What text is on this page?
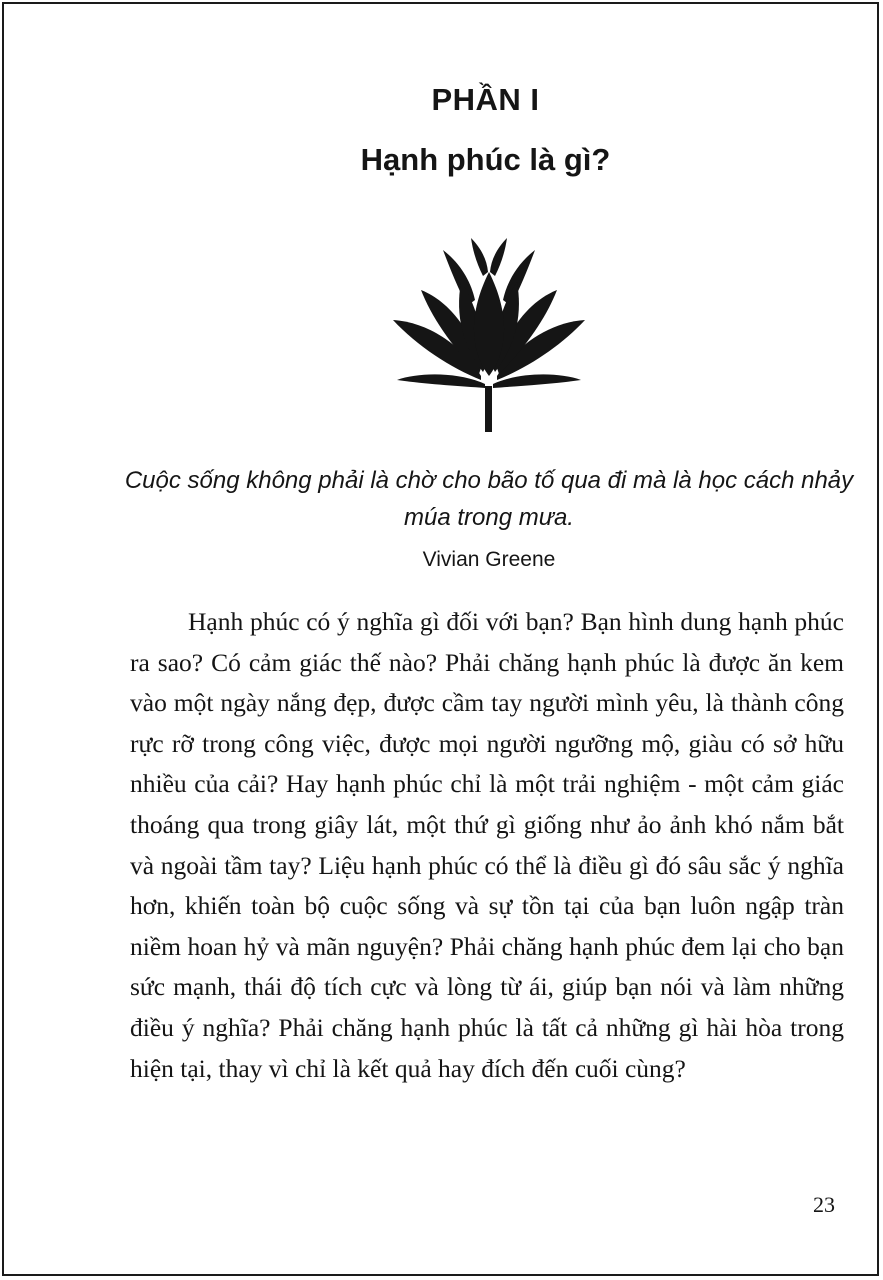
PHẦN I
Hạnh phúc là gì?
Cuộc sống không phải là chờ cho bão tố qua đi mà là học cách nhảy múa trong mưa.
Vivian Greene

Hạnh phúc có ý nghĩa gì đối với bạn? Bạn hình dung hạnh phúc ra sao? Có cảm giác thế nào? Phải chăng hạnh phúc là được ăn kem vào một ngày nắng đẹp, được cầm tay người mình yêu, là thành công rực rỡ trong công việc, được mọi người ngưỡng mộ, giàu có sở hữu nhiều của cải? Hay hạnh phúc chỉ là một trải nghiệm - một cảm giác thoáng qua trong giây lát, một thứ gì giống như ảo ảnh khó nắm bắt và ngoài tầm tay? Liệu hạnh phúc có thể là điều gì đó sâu sắc ý nghĩa hơn, khiến toàn bộ cuộc sống và sự tồn tại của bạn luôn ngập tràn niềm hoan hỷ và mãn nguyện? Phải chăng hạnh phúc đem lại cho bạn sức mạnh, thái độ tích cực và lòng từ ái, giúp bạn nói và làm những điều ý nghĩa? Phải chăng hạnh phúc là tất cả những gì hài hòa trong hiện tại, thay vì chỉ là kết quả hay đích đến cuối cùng?

23
